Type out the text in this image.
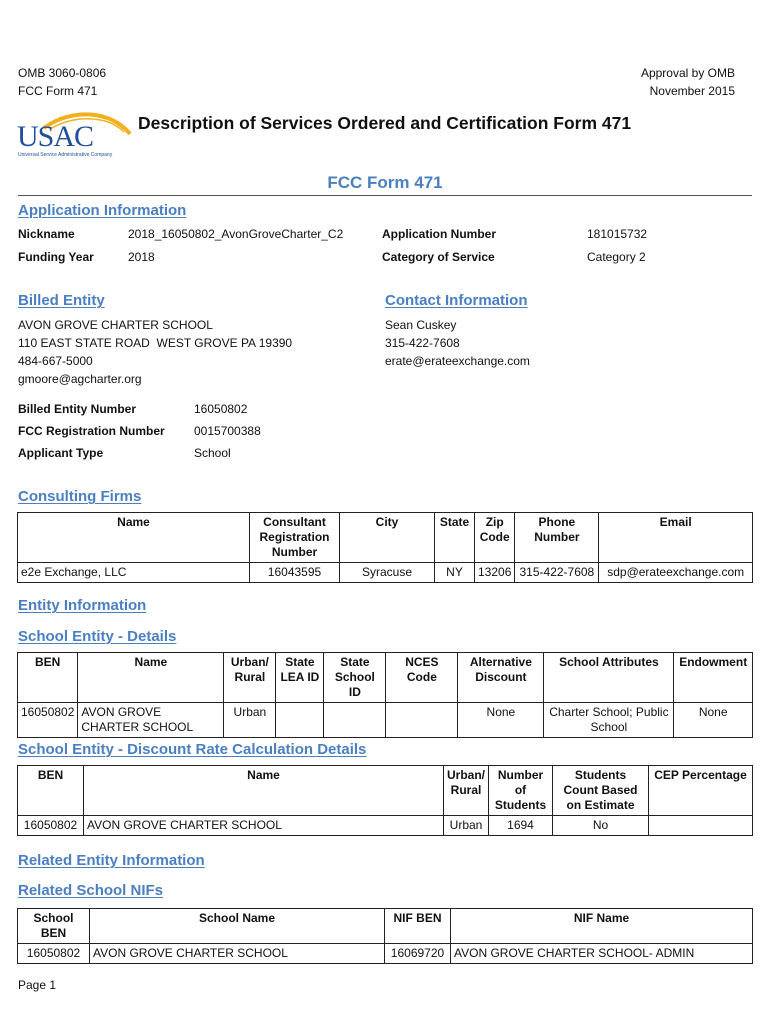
OMB 3060-0806
FCC Form 471
Approval by OMB
November 2015
USAC
Universal Service Administrative Company
Description of Services Ordered and Certification Form 471
FCC Form 471
Application Information
Nickname	2018_16050802_AvonGroveCharter_C2	Application Number	181015732
Funding Year	2018	Category of Service	Category 2
Billed Entity
AVON GROVE CHARTER SCHOOL
110 EAST STATE ROAD  WEST GROVE PA 19390
484-667-5000
gmoore@agcharter.org
Contact Information
Sean Cuskey
315-422-7608
erate@erateexchange.com
Billed Entity Number	16050802
FCC Registration Number 0015700388
Applicant Type	School
Consulting Firms
Name	Consultant Registration Number	City	State	Zip Code	Phone Number	Email
e2e Exchange, LLC	16043595	Syracuse	NY	13206	315-422-7608	sdp@erateexchange.com
Entity Information
School Entity - Details
BEN	Name	Urban/ Rural	State LEA ID	State School ID	NCES Code	Alternative Discount	School Attributes	Endowment
16050802	AVON GROVE CHARTER SCHOOL	Urban				None	Charter School; Public School	None
School Entity - Discount Rate Calculation Details
BEN	Name	Urban/ Rural	Number of Students	Students Count Based on Estimate	CEP Percentage
16050802	AVON GROVE CHARTER SCHOOL	Urban	1694	No	
Related Entity Information
Related School NIFs
School BEN	School Name	NIF BEN	NIF Name
16050802	AVON GROVE CHARTER SCHOOL	16069720	AVON GROVE CHARTER SCHOOL- ADMIN
Page 1
